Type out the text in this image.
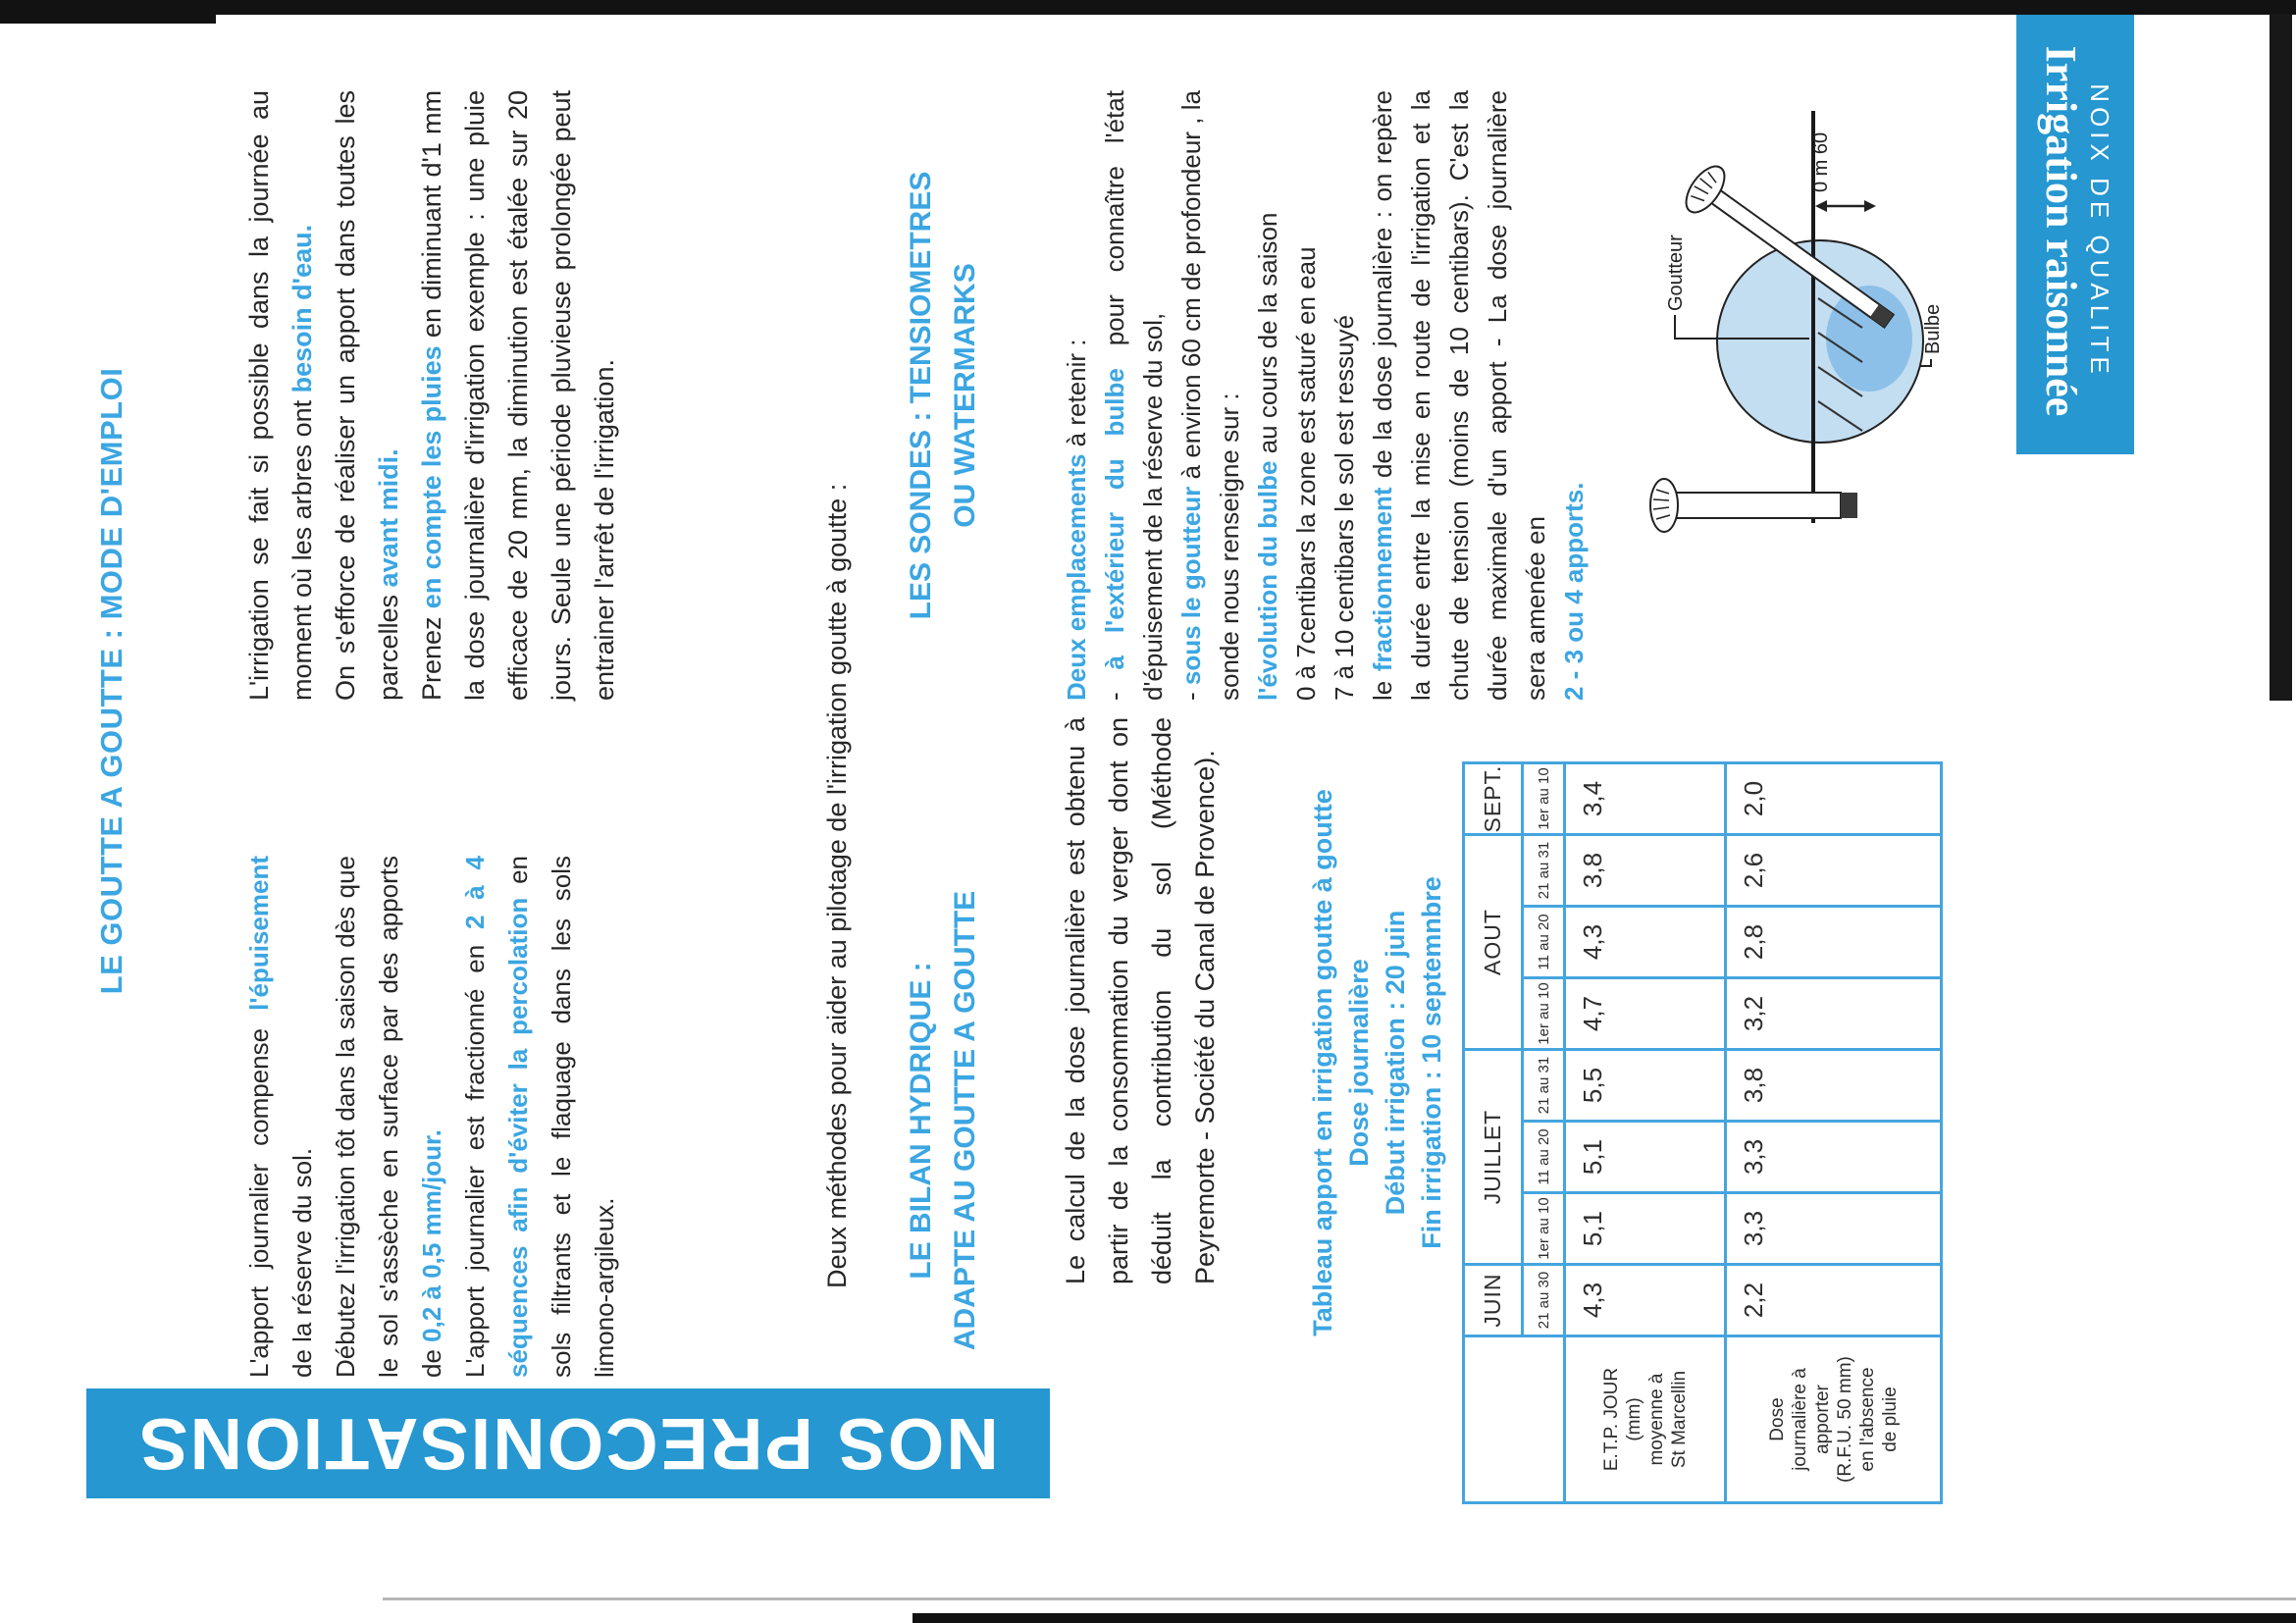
NOS PRECONISATIONS
LE GOUTTE A GOUTTE : MODE D'EMPLOI
L'apport journalier compense l'épuisement de la réserve du sol. Débutez l'irrigation tôt dans la saison dès que le sol s'assèche en surface par des apports de 0,2 à 0,5 mm/jour. L'apport journalier est fractionné en 2 à 4 séquences afin d'éviter la percolation en sols filtrants et le flaquage dans les sols limono-argileux.
L'irrigation se fait si possible dans la journée au moment où les arbres ont besoin d'eau. On s'efforce de réaliser un apport dans toutes les parcelles avant midi.
Prenez en compte les pluies en diminuant d'1 mm la dose journalière d'irrigation exemple : une pluie efficace de 20 mm, la diminution est étalée sur 20 jours. Seule une période pluvieuse prolongée peut entrainer l'arrêt de l'irrigation.	Deux méthodes pour aider au pilotage de l'irrigation goutte à goutte : LE BILAN HYDRIQUE : ADAPTE AU GOUTTE A GOUTTE
LES SONDES : TENSIOMETRES OU WATERMARKS
Le calcul de la dose journalière est obtenu à partir de la consommation du verger dont on déduit la contribution du sol (Méthode Peyremorte - Société du Canal de Provence).	Tableau apport en irrigation goutte à goutte Dose journalière Début irrigation : 20 juin Fin irrigation : 10 septemnbre
	JUIN	JUILLET			AOUT			SEPT.
	21 au 30	1er au 10	11 au 20	21 au 31	1er au 10	11 au 20	21 au 31	1er au 10
E.T.P. JOUR (mm) moyenne à St Marcellin	4,3	5,1	5,1	5,5	4,7	4,3	3,8	3,4
Dose journalière à apporter (R.F.U. 50 mm) en l'absence de pluie	2,2	3,3	3,3	3,8	3,2	2,8	2,6	2,0
Deux emplacements à retenir :
- à l'extérieur du bulbe pour connaître l'état d'épuisement de la réserve du sol, - sous le goutteur à environ 60 cm de profondeur , la sonde nous renseigne sur : l'évolution du bulbe au cours de la saison 0 à 7centibars la zone est saturé en eau 7 à 10 centibars le sol est ressuyé le fractionnement de la dose journalière : on repère la durée entre la mise en route de l'irrigation et la chute de tension (moins de 10 centibars). C'est la durée maximale d'un apport - La dose journalière sera amenée en 2 - 3 ou 4 apports.
Goutteur
0 m 60
Bulbe	NOIX DE QUALITE
Irrigation raisonnée
